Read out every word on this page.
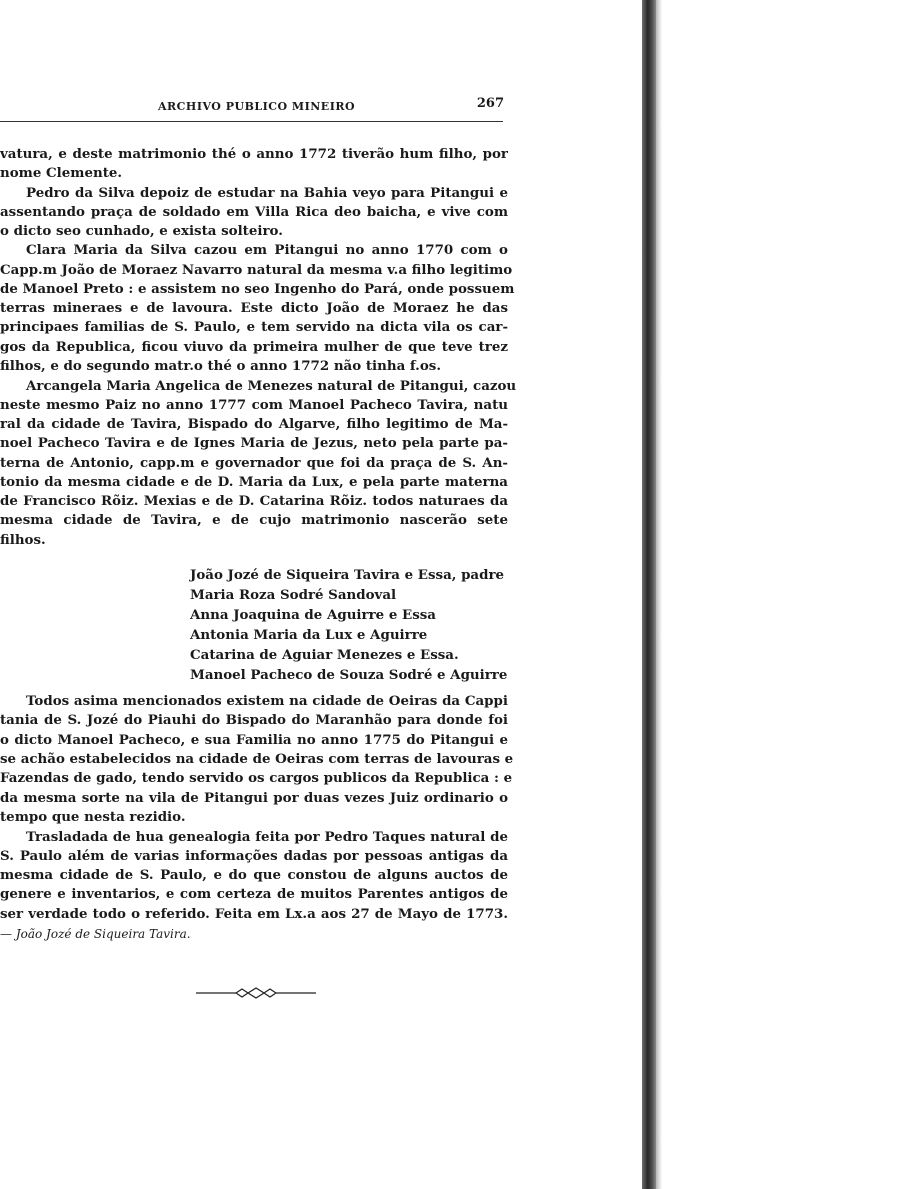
ARCHIVO PUBLICO MINEIRO	267
vatura, e deste matrimonio thé o anno 1772 tiverão hum filho, por
nome Clemente.
Pedro da Silva depoiz de estudar na Bahia veyo para Pitangui e
assentando praça de soldado em Villa Rica deo baicha, e vive com
o dicto seo cunhado, e exista solteiro.
Clara Maria da Silva cazou em Pitangui no anno 1770 com o
Capp.m João de Moraez Navarro natural da mesma v.a filho legitimo
de Manoel Preto : e assistem no seo Ingenho do Pará, onde possuem
terras mineraes e de lavoura. Este dicto João de Moraez he das
principaes familias de S. Paulo, e tem servido na dicta vila os car-
gos da Republica, ficou viuvo da primeira mulher de que teve trez
filhos, e do segundo matr.o thé o anno 1772 não tinha f.os.
Arcangela Maria Angelica de Menezes natural de Pitangui, cazou
neste mesmo Paiz no anno 1777 com Manoel Pacheco Tavira, natu
ral da cidade de Tavira, Bispado do Algarve, filho legitimo de Ma-
noel Pacheco Tavira e de Ignes Maria de Jezus, neto pela parte pa-
terna de Antonio, capp.m e governador que foi da praça de S. An-
tonio da mesma cidade e de D. Maria da Lux, e pela parte materna
de Francisco Rõiz. Mexias e de D. Catarina Rõiz. todos naturaes da
mesma cidade de Tavira, e de cujo matrimonio nascerão sete
filhos.
João Jozé de Siqueira Tavira e Essa, padre
Maria Roza Sodré Sandoval
Anna Joaquina de Aguirre e Essa
Antonia Maria da Lux e Aguirre
Catarina de Aguiar Menezes e Essa.
Manoel Pacheco de Souza Sodré e Aguirre
Todos asima mencionados existem na cidade de Oeiras da Cappi
tania de S. Jozé do Piauhi do Bispado do Maranhão para donde foi
o dicto Manoel Pacheco, e sua Familia no anno 1775 do Pitangui e
se achão estabelecidos na cidade de Oeiras com terras de lavouras e
Fazendas de gado, tendo servido os cargos publicos da Republica : e
da mesma sorte na vila de Pitangui por duas vezes Juiz ordinario o
tempo que nesta rezidio.
Trasladada de hua genealogia feita por Pedro Taques natural de
S. Paulo além de varias informações dadas por pessoas antigas da
mesma cidade de S. Paulo, e do que constou de alguns auctos de
genere e inventarios, e com certeza de muitos Parentes antigos de
ser verdade todo o referido. Feita em Lx.a aos 27 de Mayo de 1773.
— João Jozé de Siqueira Tavira.
